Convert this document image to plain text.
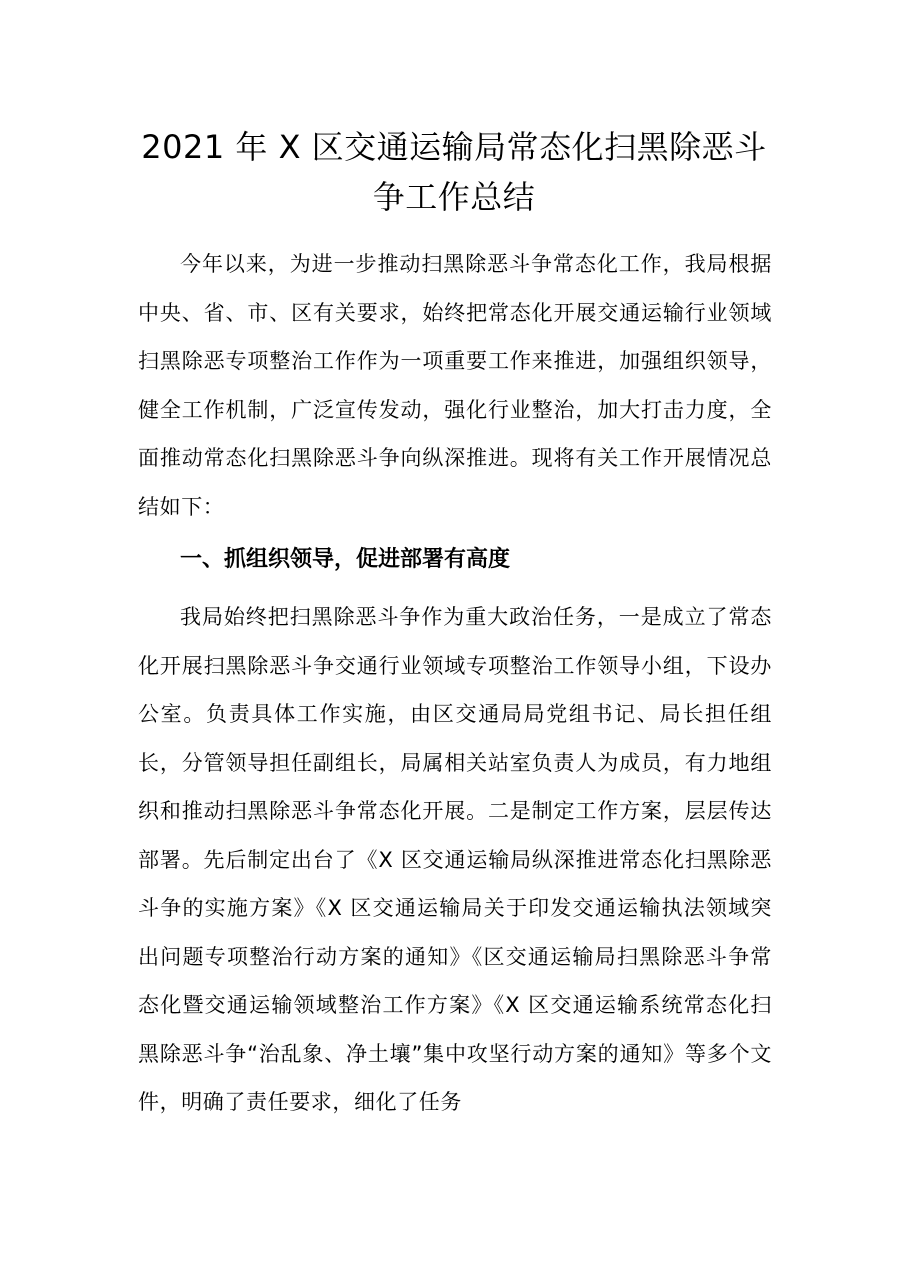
2021 年 X 区交通运输局常态化扫黑除恶斗
争工作总结

今年以来，为进一步推动扫黑除恶斗争常态化工作，我局根据中央、省、市、区有关要求，始终把常态化开展交通运输行业领域扫黑除恶专项整治工作作为一项重要工作来推进，加强组织领导，健全工作机制，广泛宣传发动，强化行业整治，加大打击力度，全面推动常态化扫黑除恶斗争向纵深推进。现将有关工作开展情况总结如下：

一、抓组织领导，促进部署有高度

我局始终把扫黑除恶斗争作为重大政治任务，一是成立了常态化开展扫黑除恶斗争交通行业领域专项整治工作领导小组，下设办公室。负责具体工作实施，由区交通局局党组书记、局长担任组长，分管领导担任副组长，局属相关站室负责人为成员，有力地组织和推动扫黑除恶斗争常态化开展。二是制定工作方案，层层传达部署。先后制定出台了《X 区交通运输局纵深推进常态化扫黑除恶斗争的实施方案》《X 区交通运输局关于印发交通运输执法领域突出问题专项整治行动方案的通知》《区交通运输局扫黑除恶斗争常态化暨交通运输领域整治工作方案》《X 区交通运输系统常态化扫黑除恶斗争“治乱象、净土壤”集中攻坚行动方案的通知》等多个文件，明确了责任要求，细化了任务
